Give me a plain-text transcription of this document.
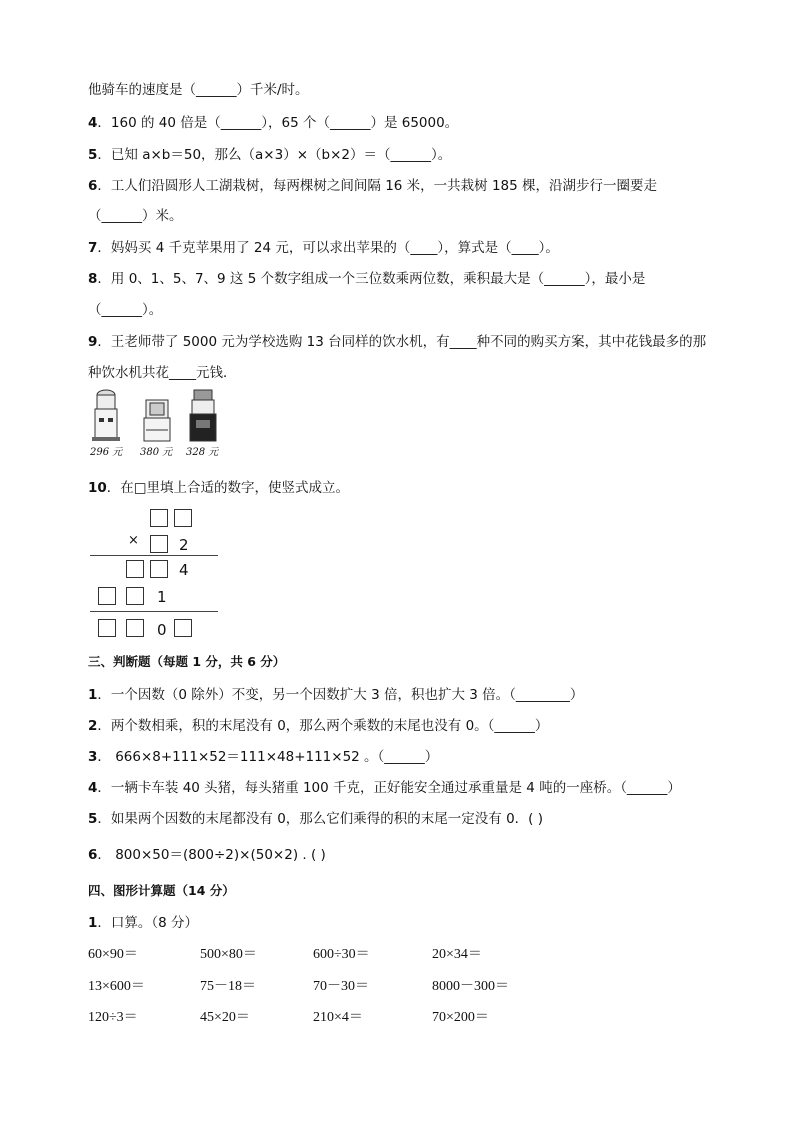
他骑车的速度是（______）千米/时。
4．160 的 40 倍是（______），65 个（______）是 65000。
5．已知 a×b＝50，那么（a×3）×（b×2）＝（______）。
6．工人们沿圆形人工湖栽树，每两棵树之间间隔 16 米，一共栽树 185 棵，沿湖步行一圈要走
（______）米。
7．妈妈买 4 千克苹果用了 24 元，可以求出苹果的（____），算式是（____）。
8．用 0、1、5、7、9 这 5 个数字组成一个三位数乘两位数，乘积最大是（______），最小是
（______）。
9．王老师带了 5000 元为学校选购 13 台同样的饮水机，有____种不同的购买方案，其中花钱最多的那
种饮水机共花____元钱．
296 元 380 元 328 元
10．在□里填上合适的数字，使竖式成立。
×	2
4
1
0
三、判断题（每题 1 分，共 6 分）
1．一个因数（0 除外）不变，另一个因数扩大 3 倍，积也扩大 3 倍。（________）
2．两个数相乘，积的末尾没有 0，那么两个乘数的末尾也没有 0。（______）
3． 666×8+111×52＝111×48+111×52 。（______）
4．一辆卡车装 40 头猪，每头猪重 100 千克，正好能安全通过承重量是 4 吨的一座桥。（______）
5．如果两个因数的末尾都没有 0，那么它们乘得的积的末尾一定没有 0．( )
6． 800×50＝(800÷2)×(50×2) . ( )
四、图形计算题（14 分）
1．口算。（8 分）
60×90＝	500×80＝	600÷30＝	20×34＝
13×600＝	75－18＝	70－30＝	8000－300＝
120÷3＝	45×20＝	210×4＝	70×200＝
